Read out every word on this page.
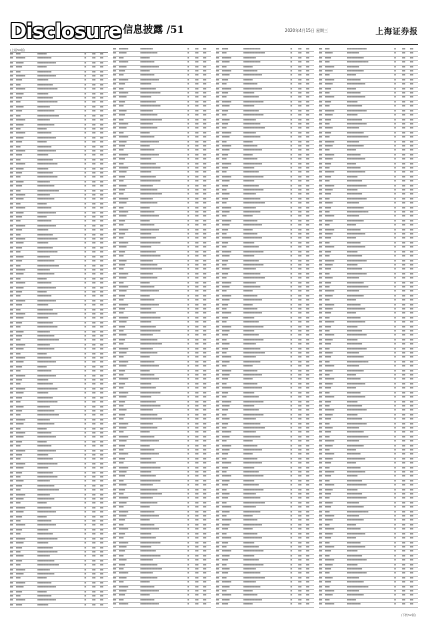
Disclosure 信息披露 /51	2020年4月15日 星期三	上海证券报
(上接50版)
▆▆	▆▆▆	▆▆▆▆▆▆	▆	▆▆	▆▆
▆▆	▆▆▆▆▆▆	▆▆▆▆▆▆▆▆▆	▆	▆▆	▆▆
▆▆	▆▆▆▆▆	▆▆▆▆▆▆▆▆▆▆▆▆	▆	▆▆	▆▆
▆▆	▆▆▆▆	▆▆▆▆▆▆	▆	▆▆	▆▆
▆▆	▆▆▆	▆▆▆▆▆▆▆▆▆	▆	▆▆	▆▆
▆▆	▆▆▆▆▆▆	▆▆▆▆▆▆▆▆▆▆▆▆	▆	▆▆	▆▆
▆▆	▆▆▆▆	▆▆▆▆▆▆▆	▆	▆▆	▆▆
▆▆	▆▆▆	▆▆▆▆▆▆▆▆▆▆	▆	▆▆	▆▆
▆▆	▆▆▆▆▆▆	▆▆▆▆▆▆▆▆▆▆▆▆▆	▆	▆▆	▆▆
▆▆	▆▆▆▆▆	▆▆▆▆▆▆▆	▆	▆▆	▆▆
▆▆	▆▆▆▆	▆▆▆▆▆▆▆▆▆▆	▆	▆▆	▆▆
▆▆	▆▆▆	▆▆▆▆▆▆▆▆▆▆▆▆▆	▆	▆▆	▆▆
▆▆	▆▆▆▆▆	▆▆▆▆▆▆▆▆	▆	▆▆	▆▆
▆▆	▆▆▆▆	▆▆▆▆▆▆▆▆▆▆▆	▆	▆▆	▆▆
▆▆	▆▆▆	▆▆▆▆▆▆▆▆▆▆▆▆▆▆	▆	▆▆	▆▆
▆▆	▆▆▆▆▆▆	▆▆▆▆▆▆▆▆	▆	▆▆	▆▆
▆▆	▆▆▆▆▆	▆▆▆▆▆▆▆▆▆▆▆	▆	▆▆	▆▆
▆▆	▆▆▆	▆▆▆▆▆▆	▆	▆▆	▆▆
▆▆	▆▆▆▆▆▆	▆▆▆▆▆▆▆▆▆	▆	▆▆	▆▆
▆▆	▆▆▆▆▆	▆▆▆▆▆▆▆▆▆▆▆▆	▆	▆▆	▆▆
▆▆	▆▆▆▆	▆▆▆▆▆▆	▆	▆▆	▆▆
▆▆	▆▆▆	▆▆▆▆▆▆▆▆▆	▆	▆▆	▆▆
▆▆	▆▆▆▆▆▆	▆▆▆▆▆▆▆▆▆▆▆▆	▆	▆▆	▆▆
▆▆	▆▆▆▆	▆▆▆▆▆▆▆	▆	▆▆	▆▆
▆▆	▆▆▆	▆▆▆▆▆▆▆▆▆▆	▆	▆▆	▆▆
▆▆	▆▆▆▆▆▆	▆▆▆▆▆▆▆▆▆▆▆▆▆	▆	▆▆	▆▆
▆▆	▆▆▆▆▆	▆▆▆▆▆▆▆	▆	▆▆	▆▆
▆▆	▆▆▆▆	▆▆▆▆▆▆▆▆▆▆	▆	▆▆	▆▆
▆▆	▆▆▆	▆▆▆▆▆▆▆▆▆▆▆▆▆	▆	▆▆	▆▆
▆▆	▆▆▆▆▆	▆▆▆▆▆▆▆▆	▆	▆▆	▆▆
▆▆	▆▆▆▆	▆▆▆▆▆▆▆▆▆▆▆	▆	▆▆	▆▆
▆▆	▆▆▆	▆▆▆▆▆▆▆▆▆▆▆▆▆▆	▆	▆▆	▆▆
▆▆	▆▆▆▆▆▆	▆▆▆▆▆▆▆▆	▆	▆▆	▆▆
▆▆	▆▆▆▆▆	▆▆▆▆▆▆▆▆▆▆▆	▆	▆▆	▆▆
▆▆	▆▆▆	▆▆▆▆▆▆	▆	▆▆	▆▆
▆▆	▆▆▆▆▆▆	▆▆▆▆▆▆▆▆▆	▆	▆▆	▆▆
▆▆	▆▆▆▆▆	▆▆▆▆▆▆▆▆▆▆▆▆	▆	▆▆	▆▆
▆▆	▆▆▆▆	▆▆▆▆▆▆	▆	▆▆	▆▆
▆▆	▆▆▆	▆▆▆▆▆▆▆▆▆	▆	▆▆	▆▆
▆▆	▆▆▆▆▆▆	▆▆▆▆▆▆▆▆▆▆▆▆	▆	▆▆	▆▆
▆▆	▆▆▆▆	▆▆▆▆▆▆▆	▆	▆▆	▆▆
▆▆	▆▆▆	▆▆▆▆▆▆▆▆▆▆	▆	▆▆	▆▆
▆▆	▆▆▆▆▆▆	▆▆▆▆▆▆▆▆▆▆▆▆▆	▆	▆▆	▆▆
▆▆	▆▆▆▆▆	▆▆▆▆▆▆▆	▆	▆▆	▆▆
▆▆	▆▆▆▆	▆▆▆▆▆▆▆▆▆▆	▆	▆▆	▆▆
▆▆	▆▆▆	▆▆▆▆▆▆▆▆▆▆▆▆▆	▆	▆▆	▆▆
▆▆	▆▆▆▆▆	▆▆▆▆▆▆▆▆	▆	▆▆	▆▆
▆▆	▆▆▆▆	▆▆▆▆▆▆▆▆▆▆▆	▆	▆▆	▆▆
▆▆	▆▆▆	▆▆▆▆▆▆▆▆▆▆▆▆▆▆	▆	▆▆	▆▆
▆▆	▆▆▆▆▆▆	▆▆▆▆▆▆▆▆	▆	▆▆	▆▆
▆▆	▆▆▆▆▆	▆▆▆▆▆▆▆▆▆▆▆	▆	▆▆	▆▆
▆▆	▆▆▆	▆▆▆▆▆▆	▆	▆▆	▆▆
▆▆	▆▆▆▆▆▆	▆▆▆▆▆▆▆▆▆	▆	▆▆	▆▆
▆▆	▆▆▆▆▆	▆▆▆▆▆▆▆▆▆▆▆▆	▆	▆▆	▆▆
▆▆	▆▆▆▆	▆▆▆▆▆▆	▆	▆▆	▆▆
▆▆	▆▆▆	▆▆▆▆▆▆▆▆▆	▆	▆▆	▆▆
▆▆	▆▆▆▆▆▆	▆▆▆▆▆▆▆▆▆▆▆▆	▆	▆▆	▆▆
▆▆	▆▆▆▆	▆▆▆▆▆▆▆	▆	▆▆	▆▆
▆▆	▆▆▆	▆▆▆▆▆▆▆▆▆▆	▆	▆▆	▆▆
▆▆	▆▆▆▆▆▆	▆▆▆▆▆▆▆▆▆▆▆▆▆	▆	▆▆	▆▆
▆▆	▆▆▆▆▆	▆▆▆▆▆▆▆	▆	▆▆	▆▆
▆▆	▆▆▆▆	▆▆▆▆▆▆▆▆▆▆	▆	▆▆	▆▆
▆▆	▆▆▆	▆▆▆▆▆▆▆▆▆▆▆▆▆	▆	▆▆	▆▆
▆▆	▆▆▆▆▆	▆▆▆▆▆▆▆▆	▆	▆▆	▆▆
▆▆	▆▆▆▆	▆▆▆▆▆▆▆▆▆▆▆	▆	▆▆	▆▆
▆▆	▆▆▆	▆▆▆▆▆▆▆▆▆▆▆▆▆▆	▆	▆▆	▆▆
▆▆	▆▆▆▆▆▆	▆▆▆▆▆▆▆▆	▆	▆▆	▆▆
▆▆	▆▆▆▆▆	▆▆▆▆▆▆▆▆▆▆▆	▆	▆▆	▆▆
▆▆	▆▆▆	▆▆▆▆▆▆	▆	▆▆	▆▆
▆▆	▆▆▆▆▆▆	▆▆▆▆▆▆▆▆▆	▆	▆▆	▆▆
▆▆	▆▆▆▆▆	▆▆▆▆▆▆▆▆▆▆▆▆	▆	▆▆	▆▆
▆▆	▆▆▆▆	▆▆▆▆▆▆	▆	▆▆	▆▆
▆▆	▆▆▆	▆▆▆▆▆▆▆▆▆	▆	▆▆	▆▆
▆▆	▆▆▆▆▆▆	▆▆▆▆▆▆▆▆▆▆▆▆	▆	▆▆	▆▆
▆▆	▆▆▆▆	▆▆▆▆▆▆▆	▆	▆▆	▆▆
▆▆	▆▆▆	▆▆▆▆▆▆▆▆▆▆	▆	▆▆	▆▆
▆▆	▆▆▆▆▆▆	▆▆▆▆▆▆▆▆▆▆▆▆▆	▆	▆▆	▆▆
▆▆	▆▆▆▆▆	▆▆▆▆▆▆▆	▆	▆▆	▆▆
▆▆	▆▆▆▆	▆▆▆▆▆▆▆▆▆▆	▆	▆▆	▆▆
▆▆	▆▆▆	▆▆▆▆▆▆▆▆▆▆▆▆▆	▆	▆▆	▆▆
▆▆	▆▆▆▆▆	▆▆▆▆▆▆▆▆	▆	▆▆	▆▆
▆▆	▆▆▆▆	▆▆▆▆▆▆▆▆▆▆▆	▆	▆▆	▆▆
▆▆	▆▆▆	▆▆▆▆▆▆▆▆▆▆▆▆▆▆	▆	▆▆	▆▆
▆▆	▆▆▆▆▆▆	▆▆▆▆▆▆▆▆	▆	▆▆	▆▆
▆▆	▆▆▆▆▆	▆▆▆▆▆▆▆▆▆▆▆	▆	▆▆	▆▆
▆▆	▆▆▆	▆▆▆▆▆▆	▆	▆▆	▆▆
▆▆	▆▆▆▆▆▆	▆▆▆▆▆▆▆▆▆	▆	▆▆	▆▆
▆▆	▆▆▆▆▆	▆▆▆▆▆▆▆▆▆▆▆▆	▆	▆▆	▆▆
▆▆	▆▆▆▆	▆▆▆▆▆▆	▆	▆▆	▆▆
▆▆	▆▆▆	▆▆▆▆▆▆▆▆▆	▆	▆▆	▆▆
▆▆	▆▆▆▆▆▆	▆▆▆▆▆▆▆▆▆▆▆▆	▆	▆▆	▆▆
▆▆	▆▆▆▆	▆▆▆▆▆▆▆	▆	▆▆	▆▆
▆▆	▆▆▆	▆▆▆▆▆▆▆▆▆▆	▆	▆▆	▆▆
▆▆	▆▆▆▆▆▆	▆▆▆▆▆▆▆▆▆▆▆▆▆	▆	▆▆	▆▆
▆▆	▆▆▆▆▆	▆▆▆▆▆▆▆	▆	▆▆	▆▆
▆▆	▆▆▆▆	▆▆▆▆▆▆▆▆▆▆	▆	▆▆	▆▆
▆▆	▆▆▆	▆▆▆▆▆▆▆▆▆▆▆▆▆	▆	▆▆	▆▆
▆▆	▆▆▆▆▆	▆▆▆▆▆▆▆▆	▆	▆▆	▆▆
▆▆	▆▆▆▆	▆▆▆▆▆▆▆▆▆▆▆	▆	▆▆	▆▆
▆▆	▆▆▆	▆▆▆▆▆▆▆▆▆▆▆▆▆▆	▆	▆▆	▆▆
▆▆	▆▆▆▆▆▆	▆▆▆▆▆▆▆▆	▆	▆▆	▆▆
▆▆	▆▆▆▆▆	▆▆▆▆▆▆▆▆▆▆▆	▆	▆▆	▆▆
▆▆	▆▆▆	▆▆▆▆▆▆	▆	▆▆	▆▆
▆▆	▆▆▆▆▆▆	▆▆▆▆▆▆▆▆▆	▆	▆▆	▆▆
▆▆	▆▆▆▆▆	▆▆▆▆▆▆▆▆▆▆▆▆	▆	▆▆	▆▆
▆▆	▆▆▆▆	▆▆▆▆▆▆	▆	▆▆	▆▆
▆▆	▆▆▆	▆▆▆▆▆▆▆▆▆	▆	▆▆	▆▆
▆▆	▆▆▆▆▆▆	▆▆▆▆▆▆▆▆▆▆▆▆	▆	▆▆	▆▆
▆▆	▆▆▆▆	▆▆▆▆▆▆▆	▆	▆▆	▆▆
▆▆	▆▆▆	▆▆▆▆▆▆▆▆▆▆	▆	▆▆	▆▆
▆▆	▆▆▆▆▆▆	▆▆▆▆▆▆▆▆▆▆▆▆▆	▆	▆▆	▆▆
▆▆	▆▆▆▆▆	▆▆▆▆▆▆▆	▆	▆▆	▆▆
▆▆	▆▆▆▆	▆▆▆▆▆▆▆▆▆▆	▆	▆▆	▆▆
▆▆	▆▆▆	▆▆▆▆▆▆▆▆▆▆▆▆▆	▆	▆▆	▆▆
▆▆	▆▆▆▆▆	▆▆▆▆▆▆▆▆	▆	▆▆	▆▆
▆▆	▆▆▆▆	▆▆▆▆▆▆▆▆▆▆▆	▆	▆▆	▆▆
▆▆	▆▆▆	▆▆▆▆▆▆▆▆▆▆▆▆▆▆	▆	▆▆	▆▆
▆▆	▆▆▆▆▆▆	▆▆▆▆▆▆▆▆	▆	▆▆	▆▆
▆▆	▆▆▆▆▆	▆▆▆▆▆▆▆▆▆▆▆	▆	▆▆	▆▆
▆▆	▆▆▆	▆▆▆▆▆▆	▆	▆▆	▆▆
▆▆	▆▆▆▆▆▆	▆▆▆▆▆▆▆▆▆	▆	▆▆	▆▆
▆▆	▆▆▆▆▆	▆▆▆▆▆▆▆▆▆▆▆▆	▆	▆▆	▆▆
▆▆	▆▆▆▆	▆▆▆▆▆▆	▆	▆▆	▆▆
▆▆	▆▆▆	▆▆▆▆▆▆▆▆▆	▆	▆▆	▆▆
▆▆	▆▆▆▆▆▆	▆▆▆▆▆▆▆▆▆▆▆▆	▆	▆▆	▆▆
▆▆	▆▆▆▆	▆▆▆▆▆▆▆	▆	▆▆	▆▆
▆▆	▆▆▆▆▆▆	▆▆▆▆▆▆▆▆	▆	▆▆	▆▆
▆▆	▆▆▆▆▆	▆▆▆▆▆▆▆▆▆▆▆	▆	▆▆	▆▆
▆▆	▆▆▆	▆▆▆▆▆▆	▆	▆▆	▆▆
▆▆	▆▆▆▆▆▆	▆▆▆▆▆▆▆▆▆	▆	▆▆	▆▆
▆▆	▆▆▆▆▆	▆▆▆▆▆▆▆▆▆▆▆▆	▆	▆▆	▆▆
▆▆	▆▆▆▆	▆▆▆▆▆▆	▆	▆▆	▆▆
▆▆	▆▆▆	▆▆▆▆▆▆▆▆▆	▆	▆▆	▆▆
▆▆	▆▆▆▆▆▆	▆▆▆▆▆▆▆▆▆▆▆▆	▆	▆▆	▆▆
▆▆	▆▆▆▆	▆▆▆▆▆▆▆	▆	▆▆	▆▆
▆▆	▆▆▆	▆▆▆▆▆▆▆▆▆▆	▆	▆▆	▆▆
▆▆	▆▆▆▆▆▆	▆▆▆▆▆▆▆▆▆▆▆▆▆	▆	▆▆	▆▆
▆▆	▆▆▆▆▆	▆▆▆▆▆▆▆	▆	▆▆	▆▆
▆▆	▆▆▆▆	▆▆▆▆▆▆▆▆▆▆	▆	▆▆	▆▆
▆▆	▆▆▆	▆▆▆▆▆▆▆▆▆▆▆▆▆	▆	▆▆	▆▆
▆▆	▆▆▆▆▆	▆▆▆▆▆▆▆▆	▆	▆▆	▆▆
▆▆	▆▆▆▆	▆▆▆▆▆▆▆▆▆▆▆	▆	▆▆	▆▆
▆▆	▆▆▆	▆▆▆▆▆▆▆▆▆▆▆▆▆▆	▆	▆▆	▆▆
▆▆	▆▆▆▆▆▆	▆▆▆▆▆▆▆▆	▆	▆▆	▆▆
▆▆	▆▆▆▆▆	▆▆▆▆▆▆▆▆▆▆▆	▆	▆▆	▆▆
▆▆	▆▆▆	▆▆▆▆▆▆	▆	▆▆	▆▆
▆▆	▆▆▆▆▆▆	▆▆▆▆▆▆▆▆▆	▆	▆▆	▆▆
▆▆	▆▆▆▆▆	▆▆▆▆▆▆▆▆▆▆▆▆	▆	▆▆	▆▆
▆▆	▆▆▆▆	▆▆▆▆▆▆	▆	▆▆	▆▆
▆▆	▆▆▆	▆▆▆▆▆▆▆▆▆	▆	▆▆	▆▆
▆▆	▆▆▆▆▆▆	▆▆▆▆▆▆▆▆▆▆▆▆	▆	▆▆	▆▆
▆▆	▆▆▆▆	▆▆▆▆▆▆▆	▆	▆▆	▆▆
▆▆	▆▆▆	▆▆▆▆▆▆▆▆▆▆	▆	▆▆	▆▆
▆▆	▆▆▆▆▆▆	▆▆▆▆▆▆▆▆▆▆▆▆▆	▆	▆▆	▆▆
▆▆	▆▆▆▆▆	▆▆▆▆▆▆▆	▆	▆▆	▆▆
▆▆	▆▆▆▆	▆▆▆▆▆▆▆▆▆▆	▆	▆▆	▆▆
▆▆	▆▆▆	▆▆▆▆▆▆▆▆▆▆▆▆▆	▆	▆▆	▆▆
▆▆	▆▆▆▆▆	▆▆▆▆▆▆▆▆	▆	▆▆	▆▆
▆▆	▆▆▆▆	▆▆▆▆▆▆▆▆▆▆▆	▆	▆▆	▆▆
▆▆	▆▆▆	▆▆▆▆▆▆▆▆▆▆▆▆▆▆	▆	▆▆	▆▆
▆▆	▆▆▆▆▆▆	▆▆▆▆▆▆▆▆	▆	▆▆	▆▆
▆▆	▆▆▆▆▆	▆▆▆▆▆▆▆▆▆▆▆	▆	▆▆	▆▆
▆▆	▆▆▆	▆▆▆▆▆▆	▆	▆▆	▆▆
▆▆	▆▆▆▆▆▆	▆▆▆▆▆▆▆▆▆	▆	▆▆	▆▆
▆▆	▆▆▆▆▆	▆▆▆▆▆▆▆▆▆▆▆▆	▆	▆▆	▆▆
▆▆	▆▆▆▆	▆▆▆▆▆▆	▆	▆▆	▆▆
▆▆	▆▆▆	▆▆▆▆▆▆▆▆▆	▆	▆▆	▆▆
▆▆	▆▆▆▆▆▆	▆▆▆▆▆▆▆▆▆▆▆▆	▆	▆▆	▆▆
▆▆	▆▆▆▆	▆▆▆▆▆▆▆	▆	▆▆	▆▆
▆▆	▆▆▆	▆▆▆▆▆▆▆▆▆▆	▆	▆▆	▆▆
▆▆	▆▆▆▆▆▆	▆▆▆▆▆▆▆▆▆▆▆▆▆	▆	▆▆	▆▆
▆▆	▆▆▆▆▆	▆▆▆▆▆▆▆	▆	▆▆	▆▆
▆▆	▆▆▆▆	▆▆▆▆▆▆▆▆▆▆	▆	▆▆	▆▆
▆▆	▆▆▆	▆▆▆▆▆▆▆▆▆▆▆▆▆	▆	▆▆	▆▆
▆▆	▆▆▆▆▆	▆▆▆▆▆▆▆▆	▆	▆▆	▆▆
▆▆	▆▆▆▆	▆▆▆▆▆▆▆▆▆▆▆	▆	▆▆	▆▆
▆▆	▆▆▆	▆▆▆▆▆▆▆▆▆▆▆▆▆▆	▆	▆▆	▆▆
▆▆	▆▆▆▆▆▆	▆▆▆▆▆▆▆▆	▆	▆▆	▆▆
▆▆	▆▆▆▆▆	▆▆▆▆▆▆▆▆▆▆▆	▆	▆▆	▆▆
▆▆	▆▆▆	▆▆▆▆▆▆	▆	▆▆	▆▆
▆▆	▆▆▆▆▆▆	▆▆▆▆▆▆▆▆▆	▆	▆▆	▆▆
▆▆	▆▆▆▆▆	▆▆▆▆▆▆▆▆▆▆▆▆	▆	▆▆	▆▆
▆▆	▆▆▆▆	▆▆▆▆▆▆	▆	▆▆	▆▆
▆▆	▆▆▆	▆▆▆▆▆▆▆▆▆	▆	▆▆	▆▆
▆▆	▆▆▆▆▆▆	▆▆▆▆▆▆▆▆▆▆▆▆	▆	▆▆	▆▆
▆▆	▆▆▆▆	▆▆▆▆▆▆▆	▆	▆▆	▆▆
▆▆	▆▆▆	▆▆▆▆▆▆▆▆▆▆	▆	▆▆	▆▆
▆▆	▆▆▆▆▆▆	▆▆▆▆▆▆▆▆▆▆▆▆▆	▆	▆▆	▆▆
▆▆	▆▆▆▆▆	▆▆▆▆▆▆▆	▆	▆▆	▆▆
▆▆	▆▆▆▆	▆▆▆▆▆▆▆▆▆▆	▆	▆▆	▆▆
▆▆	▆▆▆	▆▆▆▆▆▆▆▆▆▆▆▆▆	▆	▆▆	▆▆
▆▆	▆▆▆▆▆	▆▆▆▆▆▆▆▆	▆	▆▆	▆▆
▆▆	▆▆▆▆	▆▆▆▆▆▆▆▆▆▆▆	▆	▆▆	▆▆
▆▆	▆▆▆	▆▆▆▆▆▆▆▆▆▆▆▆▆▆	▆	▆▆	▆▆
▆▆	▆▆▆▆▆▆	▆▆▆▆▆▆▆▆	▆	▆▆	▆▆
▆▆	▆▆▆▆▆	▆▆▆▆▆▆▆▆▆▆▆	▆	▆▆	▆▆
▆▆	▆▆▆	▆▆▆▆▆▆	▆	▆▆	▆▆
▆▆	▆▆▆▆▆▆	▆▆▆▆▆▆▆▆▆	▆	▆▆	▆▆
▆▆	▆▆▆▆▆	▆▆▆▆▆▆▆▆▆▆▆▆	▆	▆▆	▆▆
▆▆	▆▆▆▆	▆▆▆▆▆▆	▆	▆▆	▆▆
▆▆	▆▆▆	▆▆▆▆▆▆▆▆▆	▆	▆▆	▆▆
▆▆	▆▆▆▆▆▆	▆▆▆▆▆▆▆▆▆▆▆▆	▆	▆▆	▆▆
▆▆	▆▆▆▆	▆▆▆▆▆▆▆	▆	▆▆	▆▆
▆▆	▆▆▆	▆▆▆▆▆▆▆▆▆▆	▆	▆▆	▆▆
▆▆	▆▆▆▆▆▆	▆▆▆▆▆▆▆▆▆▆▆▆▆	▆	▆▆	▆▆
▆▆	▆▆▆▆▆	▆▆▆▆▆▆▆	▆	▆▆	▆▆
▆▆	▆▆▆▆	▆▆▆▆▆▆▆▆▆▆	▆	▆▆	▆▆
▆▆	▆▆▆	▆▆▆▆▆▆▆▆▆▆▆▆▆	▆	▆▆	▆▆
▆▆	▆▆▆▆▆	▆▆▆▆▆▆▆▆	▆	▆▆	▆▆
▆▆	▆▆▆▆	▆▆▆▆▆▆▆▆▆▆▆	▆	▆▆	▆▆
▆▆	▆▆▆	▆▆▆▆▆▆▆▆▆▆▆▆▆▆	▆	▆▆	▆▆
▆▆	▆▆▆▆▆▆	▆▆▆▆▆▆▆▆	▆	▆▆	▆▆
▆▆	▆▆▆▆▆	▆▆▆▆▆▆▆▆▆▆▆	▆	▆▆	▆▆
▆▆	▆▆▆	▆▆▆▆▆▆	▆	▆▆	▆▆
▆▆	▆▆▆▆▆▆	▆▆▆▆▆▆▆▆▆	▆	▆▆	▆▆
▆▆	▆▆▆▆▆	▆▆▆▆▆▆▆▆▆▆▆▆	▆	▆▆	▆▆
▆▆	▆▆▆▆	▆▆▆▆▆▆	▆	▆▆	▆▆
▆▆	▆▆▆	▆▆▆▆▆▆▆▆▆	▆	▆▆	▆▆
▆▆	▆▆▆▆▆▆	▆▆▆▆▆▆▆▆▆▆▆▆	▆	▆▆	▆▆
▆▆	▆▆▆▆	▆▆▆▆▆▆▆	▆	▆▆	▆▆
▆▆	▆▆▆	▆▆▆▆▆▆▆▆▆▆	▆	▆▆	▆▆
▆▆	▆▆▆▆▆▆	▆▆▆▆▆▆▆▆▆▆▆▆▆	▆	▆▆	▆▆
▆▆	▆▆▆▆▆	▆▆▆▆▆▆▆	▆	▆▆	▆▆
▆▆	▆▆▆▆	▆▆▆▆▆▆▆▆▆▆	▆	▆▆	▆▆
▆▆	▆▆▆	▆▆▆▆▆▆▆▆▆▆▆▆▆	▆	▆▆	▆▆
▆▆	▆▆▆▆▆	▆▆▆▆▆▆▆▆	▆	▆▆	▆▆
▆▆	▆▆▆▆	▆▆▆▆▆▆▆▆▆▆▆	▆	▆▆	▆▆
▆▆	▆▆▆	▆▆▆▆▆▆▆▆▆▆▆▆▆▆	▆	▆▆	▆▆
▆▆	▆▆▆▆▆▆	▆▆▆▆▆▆▆▆	▆	▆▆	▆▆
▆▆	▆▆▆▆▆	▆▆▆▆▆▆▆▆▆▆▆	▆	▆▆	▆▆
▆▆	▆▆▆	▆▆▆▆▆▆	▆	▆▆	▆▆
▆▆	▆▆▆▆▆▆	▆▆▆▆▆▆▆▆▆	▆	▆▆	▆▆
▆▆	▆▆▆▆▆	▆▆▆▆▆▆▆▆▆▆▆▆	▆	▆▆	▆▆
▆▆	▆▆▆▆	▆▆▆▆▆▆	▆	▆▆	▆▆
▆▆	▆▆▆	▆▆▆▆▆▆▆▆▆	▆	▆▆	▆▆
▆▆	▆▆▆▆▆▆	▆▆▆▆▆▆▆▆▆▆▆▆	▆	▆▆	▆▆
▆▆	▆▆▆▆	▆▆▆▆▆▆▆	▆	▆▆	▆▆
▆▆	▆▆▆	▆▆▆▆▆▆▆▆▆▆	▆	▆▆	▆▆
▆▆	▆▆▆▆▆▆	▆▆▆▆▆▆▆▆▆▆▆▆▆	▆	▆▆	▆▆
▆▆	▆▆▆▆▆	▆▆▆▆▆▆▆	▆	▆▆	▆▆
▆▆	▆▆▆▆	▆▆▆▆▆▆▆▆▆▆	▆	▆▆	▆▆
▆▆	▆▆▆	▆▆▆▆▆▆▆▆▆▆▆▆▆	▆	▆▆	▆▆
▆▆	▆▆▆▆▆	▆▆▆▆▆▆▆▆	▆	▆▆	▆▆
▆▆	▆▆▆▆	▆▆▆▆▆▆▆▆▆▆▆	▆	▆▆	▆▆
▆▆	▆▆▆	▆▆▆▆▆▆▆▆▆▆▆▆▆▆	▆	▆▆	▆▆
▆▆	▆▆▆▆▆▆	▆▆▆▆▆▆▆▆	▆	▆▆	▆▆
▆▆	▆▆▆▆▆	▆▆▆▆▆▆▆▆▆▆▆	▆	▆▆	▆▆
▆▆	▆▆▆	▆▆▆▆▆▆	▆	▆▆	▆▆
▆▆	▆▆▆▆▆▆	▆▆▆▆▆▆▆▆▆	▆	▆▆	▆▆
▆▆	▆▆▆▆▆	▆▆▆▆▆▆▆▆▆▆▆▆	▆	▆▆	▆▆
▆▆	▆▆▆▆	▆▆▆▆▆▆	▆	▆▆	▆▆
▆▆	▆▆▆	▆▆▆▆▆▆▆▆▆	▆	▆▆	▆▆
▆▆	▆▆▆▆▆▆	▆▆▆▆▆▆▆▆▆▆▆▆	▆	▆▆	▆▆
▆▆	▆▆▆▆	▆▆▆▆▆▆▆▆▆▆▆	▆	▆▆	▆▆
▆▆	▆▆▆	▆▆▆▆▆▆▆▆▆▆▆▆▆▆	▆	▆▆	▆▆
▆▆	▆▆▆▆▆▆	▆▆▆▆▆▆▆▆	▆	▆▆	▆▆
▆▆	▆▆▆▆▆	▆▆▆▆▆▆▆▆▆▆▆	▆	▆▆	▆▆
▆▆	▆▆▆	▆▆▆▆▆▆	▆	▆▆	▆▆
▆▆	▆▆▆▆▆▆	▆▆▆▆▆▆▆▆▆	▆	▆▆	▆▆
▆▆	▆▆▆▆▆	▆▆▆▆▆▆▆▆▆▆▆▆	▆	▆▆	▆▆
▆▆	▆▆▆▆	▆▆▆▆▆▆	▆	▆▆	▆▆
▆▆	▆▆▆	▆▆▆▆▆▆▆▆▆	▆	▆▆	▆▆
▆▆	▆▆▆▆▆▆	▆▆▆▆▆▆▆▆▆▆▆▆	▆	▆▆	▆▆
▆▆	▆▆▆▆	▆▆▆▆▆▆▆	▆	▆▆	▆▆
▆▆	▆▆▆	▆▆▆▆▆▆▆▆▆▆	▆	▆▆	▆▆
▆▆	▆▆▆▆▆▆	▆▆▆▆▆▆▆▆▆▆▆▆▆	▆	▆▆	▆▆
▆▆	▆▆▆▆▆	▆▆▆▆▆▆▆	▆	▆▆	▆▆
▆▆	▆▆▆▆	▆▆▆▆▆▆▆▆▆▆	▆	▆▆	▆▆
▆▆	▆▆▆	▆▆▆▆▆▆▆▆▆▆▆▆▆	▆	▆▆	▆▆
▆▆	▆▆▆▆▆	▆▆▆▆▆▆▆▆	▆	▆▆	▆▆
▆▆	▆▆▆▆	▆▆▆▆▆▆▆▆▆▆▆	▆	▆▆	▆▆
▆▆	▆▆▆	▆▆▆▆▆▆▆▆▆▆▆▆▆▆	▆	▆▆	▆▆
▆▆	▆▆▆▆▆▆	▆▆▆▆▆▆▆▆	▆	▆▆	▆▆
▆▆	▆▆▆▆▆	▆▆▆▆▆▆▆▆▆▆▆	▆	▆▆	▆▆
▆▆	▆▆▆	▆▆▆▆▆▆	▆	▆▆	▆▆
▆▆	▆▆▆▆▆▆	▆▆▆▆▆▆▆▆▆	▆	▆▆	▆▆
▆▆	▆▆▆▆▆	▆▆▆▆▆▆▆▆▆▆▆▆	▆	▆▆	▆▆
▆▆	▆▆▆▆	▆▆▆▆▆▆	▆	▆▆	▆▆
▆▆	▆▆▆	▆▆▆▆▆▆▆▆▆	▆	▆▆	▆▆
▆▆	▆▆▆▆▆▆	▆▆▆▆▆▆▆▆▆▆▆▆	▆	▆▆	▆▆
▆▆	▆▆▆▆	▆▆▆▆▆▆▆	▆	▆▆	▆▆
▆▆	▆▆▆	▆▆▆▆▆▆▆▆▆▆	▆	▆▆	▆▆
▆▆	▆▆▆▆▆▆	▆▆▆▆▆▆▆▆▆▆▆▆▆	▆	▆▆	▆▆
▆▆	▆▆▆▆▆	▆▆▆▆▆▆▆	▆	▆▆	▆▆
▆▆	▆▆▆▆	▆▆▆▆▆▆▆▆▆▆	▆	▆▆	▆▆
▆▆	▆▆▆	▆▆▆▆▆▆▆▆▆▆▆▆▆	▆	▆▆	▆▆
▆▆	▆▆▆▆▆	▆▆▆▆▆▆▆▆	▆	▆▆	▆▆
▆▆	▆▆▆▆	▆▆▆▆▆▆▆▆▆▆▆	▆	▆▆	▆▆
▆▆	▆▆▆	▆▆▆▆▆▆▆▆▆▆▆▆▆▆	▆	▆▆	▆▆
▆▆	▆▆▆▆▆▆	▆▆▆▆▆▆▆▆	▆	▆▆	▆▆
▆▆	▆▆▆▆▆	▆▆▆▆▆▆▆▆▆▆▆	▆	▆▆	▆▆
▆▆	▆▆▆	▆▆▆▆▆▆	▆	▆▆	▆▆
▆▆	▆▆▆▆▆▆	▆▆▆▆▆▆▆▆▆	▆	▆▆	▆▆
▆▆	▆▆▆▆▆	▆▆▆▆▆▆▆▆▆▆▆▆	▆	▆▆	▆▆
▆▆	▆▆▆▆	▆▆▆▆▆▆	▆	▆▆	▆▆
▆▆	▆▆▆	▆▆▆▆▆▆▆▆▆	▆	▆▆	▆▆
▆▆	▆▆▆▆▆▆	▆▆▆▆▆▆▆▆▆▆▆▆	▆	▆▆	▆▆
▆▆	▆▆▆▆	▆▆▆▆▆▆▆	▆	▆▆	▆▆
▆▆	▆▆▆	▆▆▆▆▆▆▆▆▆▆	▆	▆▆	▆▆
▆▆	▆▆▆▆▆▆	▆▆▆▆▆▆▆▆▆▆▆▆▆	▆	▆▆	▆▆
▆▆	▆▆▆▆▆	▆▆▆▆▆▆▆	▆	▆▆	▆▆
▆▆	▆▆▆▆	▆▆▆▆▆▆▆▆▆▆	▆	▆▆	▆▆
▆▆	▆▆▆	▆▆▆▆▆▆▆▆▆▆▆▆▆	▆	▆▆	▆▆
▆▆	▆▆▆▆▆	▆▆▆▆▆▆▆▆	▆	▆▆	▆▆
▆▆	▆▆▆▆	▆▆▆▆▆▆▆▆▆▆▆	▆	▆▆	▆▆
▆▆	▆▆▆	▆▆▆▆▆▆▆▆▆▆▆▆▆▆	▆	▆▆	▆▆
▆▆	▆▆▆▆▆▆	▆▆▆▆▆▆▆▆	▆	▆▆	▆▆
▆▆	▆▆▆▆▆	▆▆▆▆▆▆▆▆▆▆▆	▆	▆▆	▆▆
▆▆	▆▆▆	▆▆▆▆▆▆	▆	▆▆	▆▆
▆▆	▆▆▆▆▆▆	▆▆▆▆▆▆▆▆▆	▆	▆▆	▆▆
▆▆	▆▆▆▆▆	▆▆▆▆▆▆▆▆▆▆▆▆	▆	▆▆	▆▆
▆▆	▆▆▆▆	▆▆▆▆▆▆	▆	▆▆	▆▆
▆▆	▆▆▆	▆▆▆▆▆▆▆▆▆	▆	▆▆	▆▆
▆▆	▆▆▆▆▆▆	▆▆▆▆▆▆▆▆▆▆▆▆	▆	▆▆	▆▆
▆▆	▆▆▆▆	▆▆▆▆▆▆▆	▆	▆▆	▆▆
▆▆	▆▆▆	▆▆▆▆▆▆▆▆▆▆	▆	▆▆	▆▆
▆▆	▆▆▆▆▆▆	▆▆▆▆▆▆▆▆▆▆▆▆▆	▆	▆▆	▆▆
▆▆	▆▆▆▆▆	▆▆▆▆▆▆▆	▆	▆▆	▆▆
▆▆	▆▆▆▆	▆▆▆▆▆▆▆▆▆▆	▆	▆▆	▆▆
▆▆	▆▆▆	▆▆▆▆▆▆▆▆▆▆▆▆▆	▆	▆▆	▆▆
▆▆	▆▆▆▆▆	▆▆▆▆▆▆▆▆	▆	▆▆	▆▆
▆▆	▆▆▆▆	▆▆▆▆▆▆▆▆▆▆▆	▆	▆▆	▆▆
▆▆	▆▆▆	▆▆▆▆▆▆▆▆▆▆▆▆▆▆	▆	▆▆	▆▆
▆▆	▆▆▆▆▆▆	▆▆▆▆▆▆▆▆	▆	▆▆	▆▆
▆▆	▆▆▆▆▆	▆▆▆▆▆▆▆▆▆▆▆	▆	▆▆	▆▆
▆▆	▆▆▆	▆▆▆▆▆▆	▆	▆▆	▆▆
▆▆	▆▆▆▆▆▆	▆▆▆▆▆▆▆▆▆	▆	▆▆	▆▆
▆▆	▆▆▆▆▆	▆▆▆▆▆▆▆▆▆▆▆▆	▆	▆▆	▆▆
▆▆	▆▆▆▆	▆▆▆▆▆▆	▆	▆▆	▆▆
▆▆	▆▆▆	▆▆▆▆▆▆▆▆▆	▆	▆▆	▆▆
▆▆	▆▆▆▆▆▆	▆▆▆▆▆▆▆▆▆▆▆▆	▆	▆▆	▆▆
▆▆	▆▆▆▆	▆▆▆▆▆▆▆	▆	▆▆	▆▆
▆▆	▆▆▆	▆▆▆▆▆▆▆▆▆▆	▆	▆▆	▆▆
▆▆	▆▆▆▆▆▆	▆▆▆▆▆▆▆▆▆▆▆▆▆	▆	▆▆	▆▆
▆▆	▆▆▆▆▆	▆▆▆▆▆▆▆	▆	▆▆	▆▆
▆▆	▆▆▆▆	▆▆▆▆▆▆▆▆▆▆	▆	▆▆	▆▆
▆▆	▆▆▆	▆▆▆▆▆▆▆▆▆▆▆▆▆	▆	▆▆	▆▆
▆▆	▆▆▆▆▆	▆▆▆▆▆▆▆▆	▆	▆▆	▆▆
▆▆	▆▆▆▆	▆▆▆▆▆▆▆▆▆▆▆	▆	▆▆	▆▆
▆▆	▆▆▆	▆▆▆▆▆▆▆▆▆▆▆▆▆▆	▆	▆▆	▆▆
▆▆	▆▆▆▆▆▆	▆▆▆▆▆▆▆▆	▆	▆▆	▆▆
▆▆	▆▆▆▆▆	▆▆▆▆▆▆▆▆▆▆▆	▆	▆▆	▆▆
▆▆	▆▆▆	▆▆▆▆▆▆	▆	▆▆	▆▆
▆▆	▆▆▆▆▆▆	▆▆▆▆▆▆▆▆▆	▆	▆▆	▆▆
▆▆	▆▆▆▆▆	▆▆▆▆▆▆▆▆▆▆▆▆	▆	▆▆	▆▆
▆▆	▆▆▆▆	▆▆▆▆▆▆	▆	▆▆	▆▆
▆▆	▆▆▆	▆▆▆▆▆▆▆▆▆	▆	▆▆	▆▆
▆▆	▆▆▆▆▆▆	▆▆▆▆▆▆▆▆▆▆▆▆	▆	▆▆	▆▆
▆▆	▆▆▆▆	▆▆▆▆▆▆▆	▆	▆▆	▆▆
▆▆	▆▆▆	▆▆▆▆▆▆▆▆▆▆	▆	▆▆	▆▆
▆▆	▆▆▆▆▆▆	▆▆▆▆▆▆▆▆▆▆▆▆▆	▆	▆▆	▆▆
▆▆	▆▆▆▆▆	▆▆▆▆▆▆▆	▆	▆▆	▆▆
▆▆	▆▆▆▆	▆▆▆▆▆▆▆▆▆▆	▆	▆▆	▆▆
▆▆	▆▆▆	▆▆▆▆▆▆▆▆▆▆▆▆▆	▆	▆▆	▆▆
▆▆	▆▆▆▆▆	▆▆▆▆▆▆▆▆	▆	▆▆	▆▆
▆▆	▆▆▆▆	▆▆▆▆▆▆▆▆▆▆▆	▆	▆▆	▆▆
▆▆	▆▆▆	▆▆▆▆▆▆▆▆▆▆▆▆▆▆	▆	▆▆	▆▆
▆▆	▆▆▆▆▆▆	▆▆▆▆▆▆▆▆	▆	▆▆	▆▆
▆▆	▆▆▆▆▆	▆▆▆▆▆▆▆▆▆▆▆	▆	▆▆	▆▆
▆▆	▆▆▆	▆▆▆▆▆▆	▆	▆▆	▆▆
▆▆	▆▆▆▆▆▆	▆▆▆▆▆▆▆▆▆	▆	▆▆	▆▆
▆▆	▆▆▆▆▆	▆▆▆▆▆▆▆▆▆▆▆▆	▆	▆▆	▆▆
▆▆	▆▆▆▆	▆▆▆▆▆▆	▆	▆▆	▆▆
▆▆	▆▆▆	▆▆▆▆▆▆▆▆▆	▆	▆▆	▆▆
▆▆	▆▆▆▆▆▆	▆▆▆▆▆▆▆▆▆▆▆▆	▆	▆▆	▆▆
▆▆	▆▆▆▆	▆▆▆▆▆▆▆	▆	▆▆	▆▆
▆▆	▆▆▆	▆▆▆▆▆▆▆▆▆▆	▆	▆▆	▆▆
▆▆	▆▆▆▆▆▆	▆▆▆▆▆▆▆▆▆▆▆▆▆	▆	▆▆	▆▆
▆▆	▆▆▆▆▆	▆▆▆▆▆▆▆	▆	▆▆	▆▆
▆▆	▆▆▆▆	▆▆▆▆▆▆▆▆▆▆	▆	▆▆	▆▆
▆▆	▆▆▆	▆▆▆▆▆▆▆▆▆▆▆▆▆	▆	▆▆	▆▆
▆▆	▆▆▆▆▆	▆▆▆▆▆▆▆▆	▆	▆▆	▆▆
▆▆	▆▆▆▆	▆▆▆▆▆▆▆▆▆▆▆	▆	▆▆	▆▆
▆▆	▆▆▆	▆▆▆▆▆▆▆▆▆▆▆▆▆▆	▆	▆▆	▆▆
▆▆	▆▆▆▆▆▆	▆▆▆▆▆▆▆▆	▆	▆▆	▆▆
▆▆	▆▆▆▆▆	▆▆▆▆▆▆▆▆▆▆▆	▆	▆▆	▆▆
▆▆	▆▆▆	▆▆▆▆▆▆	▆	▆▆	▆▆
▆▆	▆▆▆▆▆▆	▆▆▆▆▆▆▆▆▆	▆	▆▆	▆▆
▆▆	▆▆▆▆▆	▆▆▆▆▆▆▆▆▆▆▆▆	▆	▆▆	▆▆
▆▆	▆▆▆▆	▆▆▆▆▆▆	▆	▆▆	▆▆
▆▆	▆▆▆	▆▆▆▆▆▆▆▆▆▆▆▆▆	▆	▆▆	▆▆
▆▆	▆▆▆▆▆	▆▆▆▆▆▆▆▆	▆	▆▆	▆▆
▆▆	▆▆▆▆	▆▆▆▆▆▆▆▆▆▆▆	▆	▆▆	▆▆
▆▆	▆▆▆	▆▆▆▆▆▆▆▆▆▆▆▆▆▆	▆	▆▆	▆▆
▆▆	▆▆▆▆▆▆	▆▆▆▆▆▆▆▆	▆	▆▆	▆▆
▆▆	▆▆▆▆▆	▆▆▆▆▆▆▆▆▆▆▆	▆	▆▆	▆▆
▆▆	▆▆▆	▆▆▆▆▆▆	▆	▆▆	▆▆
▆▆	▆▆▆▆▆▆	▆▆▆▆▆▆▆▆▆	▆	▆▆	▆▆
▆▆	▆▆▆▆▆	▆▆▆▆▆▆▆▆▆▆▆▆	▆	▆▆	▆▆
▆▆	▆▆▆▆	▆▆▆▆▆▆	▆	▆▆	▆▆
▆▆	▆▆▆	▆▆▆▆▆▆▆▆▆	▆	▆▆	▆▆
▆▆	▆▆▆▆▆▆	▆▆▆▆▆▆▆▆▆▆▆▆	▆	▆▆	▆▆
▆▆	▆▆▆▆	▆▆▆▆▆▆▆	▆	▆▆	▆▆
▆▆	▆▆▆	▆▆▆▆▆▆▆▆▆▆	▆	▆▆	▆▆
▆▆	▆▆▆▆▆▆	▆▆▆▆▆▆▆▆▆▆▆▆▆	▆	▆▆	▆▆
▆▆	▆▆▆▆▆	▆▆▆▆▆▆▆	▆	▆▆	▆▆
▆▆	▆▆▆▆	▆▆▆▆▆▆▆▆▆▆	▆	▆▆	▆▆
▆▆	▆▆▆	▆▆▆▆▆▆▆▆▆▆▆▆▆	▆	▆▆	▆▆
▆▆	▆▆▆▆▆	▆▆▆▆▆▆▆▆	▆	▆▆	▆▆
▆▆	▆▆▆▆	▆▆▆▆▆▆▆▆▆▆▆	▆	▆▆	▆▆
▆▆	▆▆▆	▆▆▆▆▆▆▆▆▆▆▆▆▆▆	▆	▆▆	▆▆
▆▆	▆▆▆▆▆▆	▆▆▆▆▆▆▆▆	▆	▆▆	▆▆
▆▆	▆▆▆▆▆	▆▆▆▆▆▆▆▆▆▆▆	▆	▆▆	▆▆
▆▆	▆▆▆	▆▆▆▆▆▆	▆	▆▆	▆▆
▆▆	▆▆▆▆▆▆	▆▆▆▆▆▆▆▆▆	▆	▆▆	▆▆
▆▆	▆▆▆▆▆	▆▆▆▆▆▆▆▆▆▆▆▆	▆	▆▆	▆▆
▆▆	▆▆▆▆	▆▆▆▆▆▆	▆	▆▆	▆▆
▆▆	▆▆▆	▆▆▆▆▆▆▆▆▆	▆	▆▆	▆▆
▆▆	▆▆▆▆▆▆	▆▆▆▆▆▆▆▆▆▆▆▆	▆	▆▆	▆▆
▆▆	▆▆▆▆	▆▆▆▆▆▆▆	▆	▆▆	▆▆
▆▆	▆▆▆	▆▆▆▆▆▆▆▆▆▆	▆	▆▆	▆▆
▆▆	▆▆▆▆▆▆	▆▆▆▆▆▆▆▆▆▆▆▆▆	▆	▆▆	▆▆
▆▆	▆▆▆▆▆	▆▆▆▆▆▆▆	▆	▆▆	▆▆
▆▆	▆▆▆▆	▆▆▆▆▆▆▆▆▆▆	▆	▆▆	▆▆
▆▆	▆▆▆	▆▆▆▆▆▆▆▆▆▆▆▆▆	▆	▆▆	▆▆
▆▆	▆▆▆▆▆	▆▆▆▆▆▆▆▆	▆	▆▆	▆▆
▆▆	▆▆▆▆	▆▆▆▆▆▆▆▆▆▆▆	▆	▆▆	▆▆
▆▆	▆▆▆	▆▆▆▆▆▆▆▆▆▆▆▆▆▆	▆	▆▆	▆▆
▆▆	▆▆▆▆▆▆	▆▆▆▆▆▆▆▆	▆	▆▆	▆▆
▆▆	▆▆▆▆▆	▆▆▆▆▆▆▆▆▆▆▆	▆	▆▆	▆▆
▆▆	▆▆▆	▆▆▆▆▆▆	▆	▆▆	▆▆
▆▆	▆▆▆▆▆▆	▆▆▆▆▆▆▆▆▆	▆	▆▆	▆▆
▆▆	▆▆▆▆▆	▆▆▆▆▆▆▆▆▆▆▆▆	▆	▆▆	▆▆
▆▆	▆▆▆▆	▆▆▆▆▆▆	▆	▆▆	▆▆
▆▆	▆▆▆	▆▆▆▆▆▆▆▆▆	▆	▆▆	▆▆
▆▆	▆▆▆▆▆▆	▆▆▆▆▆▆▆▆▆▆▆▆	▆	▆▆	▆▆
▆▆	▆▆▆▆	▆▆▆▆▆▆▆	▆	▆▆	▆▆
▆▆	▆▆▆	▆▆▆▆▆▆▆▆▆▆	▆	▆▆	▆▆
▆▆	▆▆▆▆▆▆	▆▆▆▆▆▆▆▆▆▆▆▆▆	▆	▆▆	▆▆
▆▆	▆▆▆▆▆	▆▆▆▆▆▆▆	▆	▆▆	▆▆
▆▆	▆▆▆▆	▆▆▆▆▆▆▆▆▆▆	▆	▆▆	▆▆
▆▆	▆▆▆	▆▆▆▆▆▆▆▆▆▆▆▆▆	▆	▆▆	▆▆
▆▆	▆▆▆▆▆	▆▆▆▆▆▆▆▆	▆	▆▆	▆▆
▆▆	▆▆▆▆	▆▆▆▆▆▆▆▆▆▆▆	▆	▆▆	▆▆
▆▆	▆▆▆	▆▆▆▆▆▆▆▆▆▆▆▆▆▆	▆	▆▆	▆▆
▆▆	▆▆▆▆▆▆	▆▆▆▆▆▆▆▆	▆	▆▆	▆▆
▆▆	▆▆▆▆▆	▆▆▆▆▆▆▆▆▆▆▆	▆	▆▆	▆▆
▆▆	▆▆▆	▆▆▆▆▆▆	▆	▆▆	▆▆
▆▆	▆▆▆▆▆▆	▆▆▆▆▆▆▆▆▆	▆	▆▆	▆▆
▆▆	▆▆▆▆▆	▆▆▆▆▆▆▆▆▆▆▆▆	▆	▆▆	▆▆
▆▆	▆▆▆▆	▆▆▆▆▆▆	▆	▆▆	▆▆
▆▆	▆▆▆	▆▆▆▆▆▆▆▆▆	▆	▆▆	▆▆
▆▆	▆▆▆▆▆▆	▆▆▆▆▆▆▆▆▆▆▆▆	▆	▆▆	▆▆
▆▆	▆▆▆▆	▆▆▆▆▆▆▆	▆	▆▆	▆▆
▆▆	▆▆▆	▆▆▆▆▆▆▆▆▆▆	▆	▆▆	▆▆
▆▆	▆▆▆▆▆▆	▆▆▆▆▆▆▆▆▆▆▆▆▆	▆	▆▆	▆▆
▆▆	▆▆▆▆▆	▆▆▆▆▆▆▆	▆	▆▆	▆▆
▆▆	▆▆▆▆	▆▆▆▆▆▆▆▆▆▆	▆	▆▆	▆▆
▆▆	▆▆▆	▆▆▆▆▆▆▆▆▆▆▆▆▆	▆	▆▆	▆▆
▆▆	▆▆▆▆▆	▆▆▆▆▆▆▆▆	▆	▆▆	▆▆
▆▆	▆▆▆▆	▆▆▆▆▆▆▆▆▆▆▆	▆	▆▆	▆▆
▆▆	▆▆▆	▆▆▆▆▆▆▆▆▆▆▆▆▆▆	▆	▆▆	▆▆
▆▆	▆▆▆▆▆▆	▆▆▆▆▆▆▆▆	▆	▆▆	▆▆
▆▆	▆▆▆▆▆	▆▆▆▆▆▆▆▆▆▆▆	▆	▆▆	▆▆
▆▆	▆▆▆	▆▆▆▆▆▆	▆	▆▆	▆▆
▆▆	▆▆▆▆▆▆	▆▆▆▆▆▆▆▆▆	▆	▆▆	▆▆
▆▆	▆▆▆▆▆	▆▆▆▆▆▆▆▆▆▆▆▆	▆	▆▆	▆▆
▆▆	▆▆▆▆	▆▆▆▆▆▆	▆	▆▆	▆▆
▆▆	▆▆▆	▆▆▆▆▆▆▆▆▆	▆	▆▆	▆▆
▆▆	▆▆▆▆▆▆	▆▆▆▆▆▆▆▆▆▆▆▆	▆	▆▆	▆▆
▆▆	▆▆▆▆	▆▆▆▆▆▆▆	▆	▆▆	▆▆
▆▆	▆▆▆	▆▆▆▆▆▆▆▆▆▆	▆	▆▆	▆▆
▆▆	▆▆▆▆▆▆	▆▆▆▆▆▆▆▆▆▆▆▆▆	▆	▆▆	▆▆
▆▆	▆▆▆▆▆	▆▆▆▆▆▆▆	▆	▆▆	▆▆
▆▆	▆▆▆▆	▆▆▆▆▆▆▆▆▆▆	▆	▆▆	▆▆
▆▆	▆▆▆	▆▆▆▆▆▆▆▆▆▆▆▆▆	▆	▆▆	▆▆
▆▆	▆▆▆▆▆	▆▆▆▆▆▆▆▆	▆	▆▆	▆▆
▆▆	▆▆▆▆	▆▆▆▆▆▆▆▆▆▆▆	▆	▆▆	▆▆
▆▆	▆▆▆	▆▆▆▆▆▆▆▆▆▆▆▆▆▆	▆	▆▆	▆▆
▆▆	▆▆▆▆▆▆	▆▆▆▆▆▆▆▆	▆	▆▆	▆▆
▆▆	▆▆▆▆▆	▆▆▆▆▆▆▆▆▆▆▆	▆	▆▆	▆▆
▆▆	▆▆▆	▆▆▆▆▆▆	▆	▆▆	▆▆
▆▆	▆▆▆▆▆▆	▆▆▆▆▆▆▆▆▆	▆	▆▆	▆▆
▆▆	▆▆▆▆▆	▆▆▆▆▆▆▆▆▆▆▆▆	▆	▆▆	▆▆
▆▆	▆▆▆▆	▆▆▆▆▆▆	▆	▆▆	▆▆
▆▆	▆▆▆	▆▆▆▆▆▆▆▆▆	▆	▆▆	▆▆
▆▆	▆▆▆▆▆▆	▆▆▆▆▆▆▆▆▆▆▆▆	▆	▆▆	▆▆
▆▆	▆▆▆▆	▆▆▆▆▆▆▆	▆	▆▆	▆▆
▆▆	▆▆▆	▆▆▆▆▆▆▆▆▆▆	▆	▆▆	▆▆
▆▆	▆▆▆▆▆▆	▆▆▆▆▆▆▆▆▆▆▆▆▆	▆	▆▆	▆▆
▆▆	▆▆▆▆▆	▆▆▆▆▆▆▆	▆	▆▆	▆▆
▆▆	▆▆▆▆	▆▆▆▆▆▆▆▆▆▆	▆	▆▆	▆▆
▆▆	▆▆▆	▆▆▆▆▆▆▆▆▆▆▆▆▆	▆	▆▆	▆▆
▆▆	▆▆▆▆▆	▆▆▆▆▆▆▆▆	▆	▆▆	▆▆
▆▆	▆▆▆▆	▆▆▆▆▆▆▆▆▆▆▆	▆	▆▆	▆▆
▆▆	▆▆▆	▆▆▆▆▆▆▆▆▆▆▆▆▆▆	▆	▆▆	▆▆
▆▆	▆▆▆▆▆▆	▆▆▆▆▆▆▆▆	▆	▆▆	▆▆
▆▆	▆▆▆▆▆	▆▆▆▆▆▆▆▆▆▆▆	▆	▆▆	▆▆
▆▆	▆▆▆	▆▆▆▆▆▆	▆	▆▆	▆▆
▆▆	▆▆▆▆▆▆	▆▆▆▆▆▆▆▆▆	▆	▆▆	▆▆
▆▆	▆▆▆▆▆	▆▆▆▆▆▆▆▆▆▆▆▆	▆	▆▆	▆▆
▆▆	▆▆▆▆	▆▆▆▆▆▆	▆	▆▆	▆▆
▆▆	▆▆▆	▆▆▆▆▆▆▆▆▆	▆	▆▆	▆▆
▆▆	▆▆▆▆▆▆	▆▆▆▆▆▆▆▆▆▆▆▆	▆	▆▆	▆▆
▆▆	▆▆▆▆	▆▆▆▆▆▆▆	▆	▆▆	▆▆
▆▆	▆▆▆	▆▆▆▆▆▆▆▆▆▆	▆	▆▆	▆▆
▆▆	▆▆▆▆▆▆	▆▆▆▆▆▆▆▆▆▆▆▆▆	▆	▆▆	▆▆
▆▆	▆▆▆▆▆	▆▆▆▆▆▆▆	▆	▆▆	▆▆
▆▆	▆▆▆▆	▆▆▆▆▆▆▆▆▆▆	▆	▆▆	▆▆
▆▆	▆▆▆	▆▆▆▆▆▆▆▆▆▆▆▆▆	▆	▆▆	▆▆
▆▆	▆▆▆▆▆	▆▆▆▆▆▆▆▆	▆	▆▆	▆▆
▆▆	▆▆▆▆	▆▆▆▆▆▆▆▆▆▆▆	▆	▆▆	▆▆
▆▆	▆▆▆	▆▆▆▆▆▆▆▆▆▆▆▆▆▆	▆	▆▆	▆▆
▆▆	▆▆▆▆▆▆	▆▆▆▆▆▆▆▆	▆	▆▆	▆▆
▆▆	▆▆▆▆▆	▆▆▆▆▆▆▆▆▆▆▆	▆	▆▆	▆▆
▆▆	▆▆▆	▆▆▆▆▆▆	▆	▆▆	▆▆
▆▆	▆▆▆▆▆▆	▆▆▆▆▆▆▆▆▆	▆	▆▆	▆▆
(下转52版)
